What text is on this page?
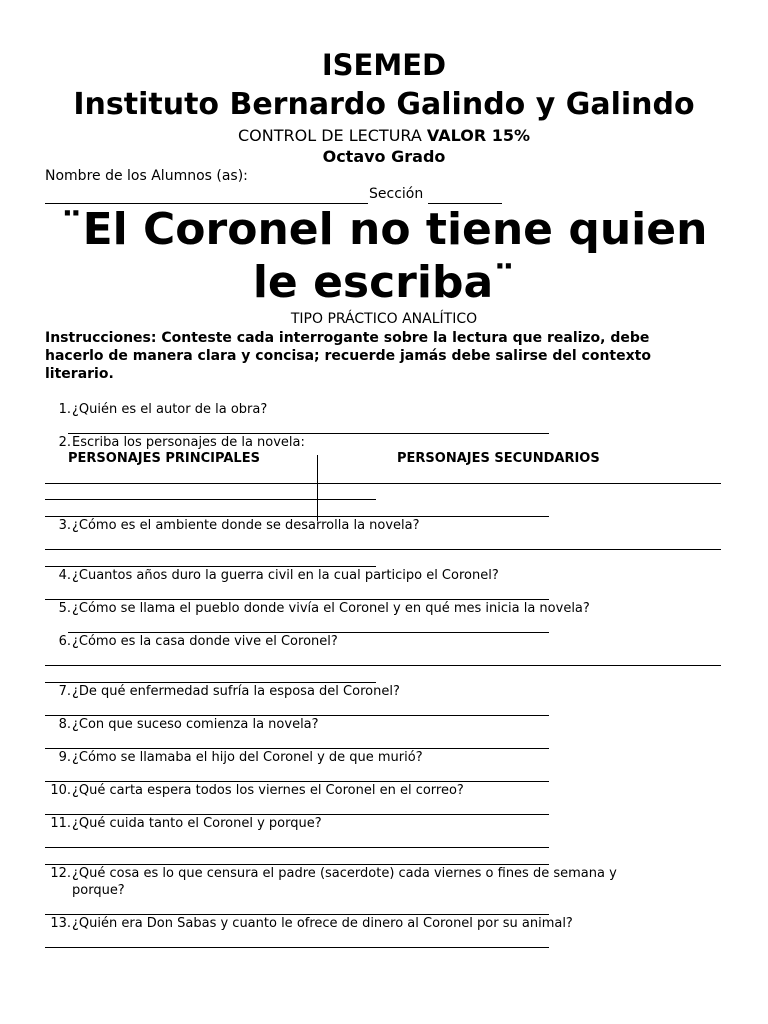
ISEMED
Instituto Bernardo Galindo y Galindo
CONTROL DE LECTURA VALOR 15%
Octavo Grado
Nombre de los Alumnos (as):
Sección
¨El Coronel no tiene quien
le escriba¨
TIPO PRÁCTICO ANALÍTICO
Instrucciones: Conteste cada interrogante sobre la lectura que realizo, debe
hacerlo de manera clara y concisa; recuerde jamás debe salirse del contexto
literario.
1. ¿Quién es el autor de la obra?
2. Escriba los personajes de la novela:
PERSONAJES PRINCIPALES	PERSONAJES SECUNDARIOS
3. ¿Cómo es el ambiente donde se desarrolla la novela?
4. ¿Cuantos años duro la guerra civil en la cual participo el Coronel?
5. ¿Cómo se llama el pueblo donde vivía el Coronel y en qué mes inicia la novela?
6. ¿Cómo es la casa donde vive el Coronel?
7. ¿De qué enfermedad sufría la esposa del Coronel?
8. ¿Con que suceso comienza la novela?
9. ¿Cómo se llamaba el hijo del Coronel y de que murió?
10. ¿Qué carta espera todos los viernes el Coronel en el correo?
11. ¿Qué cuida tanto el Coronel y porque?
12. ¿Qué cosa es lo que censura el padre (sacerdote) cada viernes o fines de semana y
porque?
13. ¿Quién era Don Sabas y cuanto le ofrece de dinero al Coronel por su animal?
